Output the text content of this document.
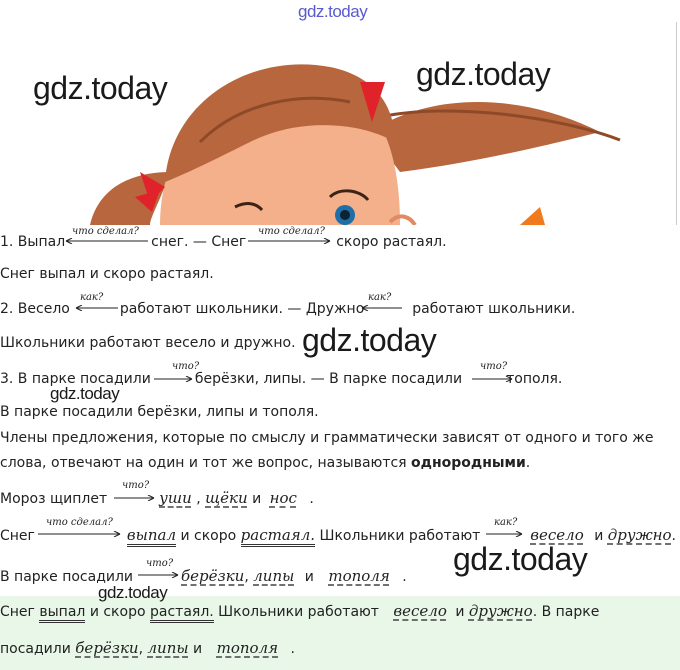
gdz.today
gdz.today	gdz.today
1. Выпал	снег. — Снег	скоро растаял.
что сделал?	что сделал?
Снег выпал и скоро растаял.
2. Весело	работают школьники. — Дружно	работают школьники.
как?	как?
Школьники работают весело и дружно. gdz.today
3. В парке посадили	берёзки, липы. — В парке посадили	тополя.
что?	что?
gdz.today
В парке посадили берёзки, липы и тополя.
Члены предложения, которые по смыслу и грамматически зависят от одного и того же
слова, отвечают на один и тот же вопрос, называются однородными.
Мороз щиплет	уши , щёки и нос .
что?
Снег	выпал и скоро растаял. Школьники работают	весело и дружно.
что сделал?	как?
gdz.today
В парке посадили	берёзки, липы и тополя .
что?
gdz.today
Снег выпал и скоро растаял. Школьники работают весело и дружно. В парке
посадили берёзки, липы и тополя .
